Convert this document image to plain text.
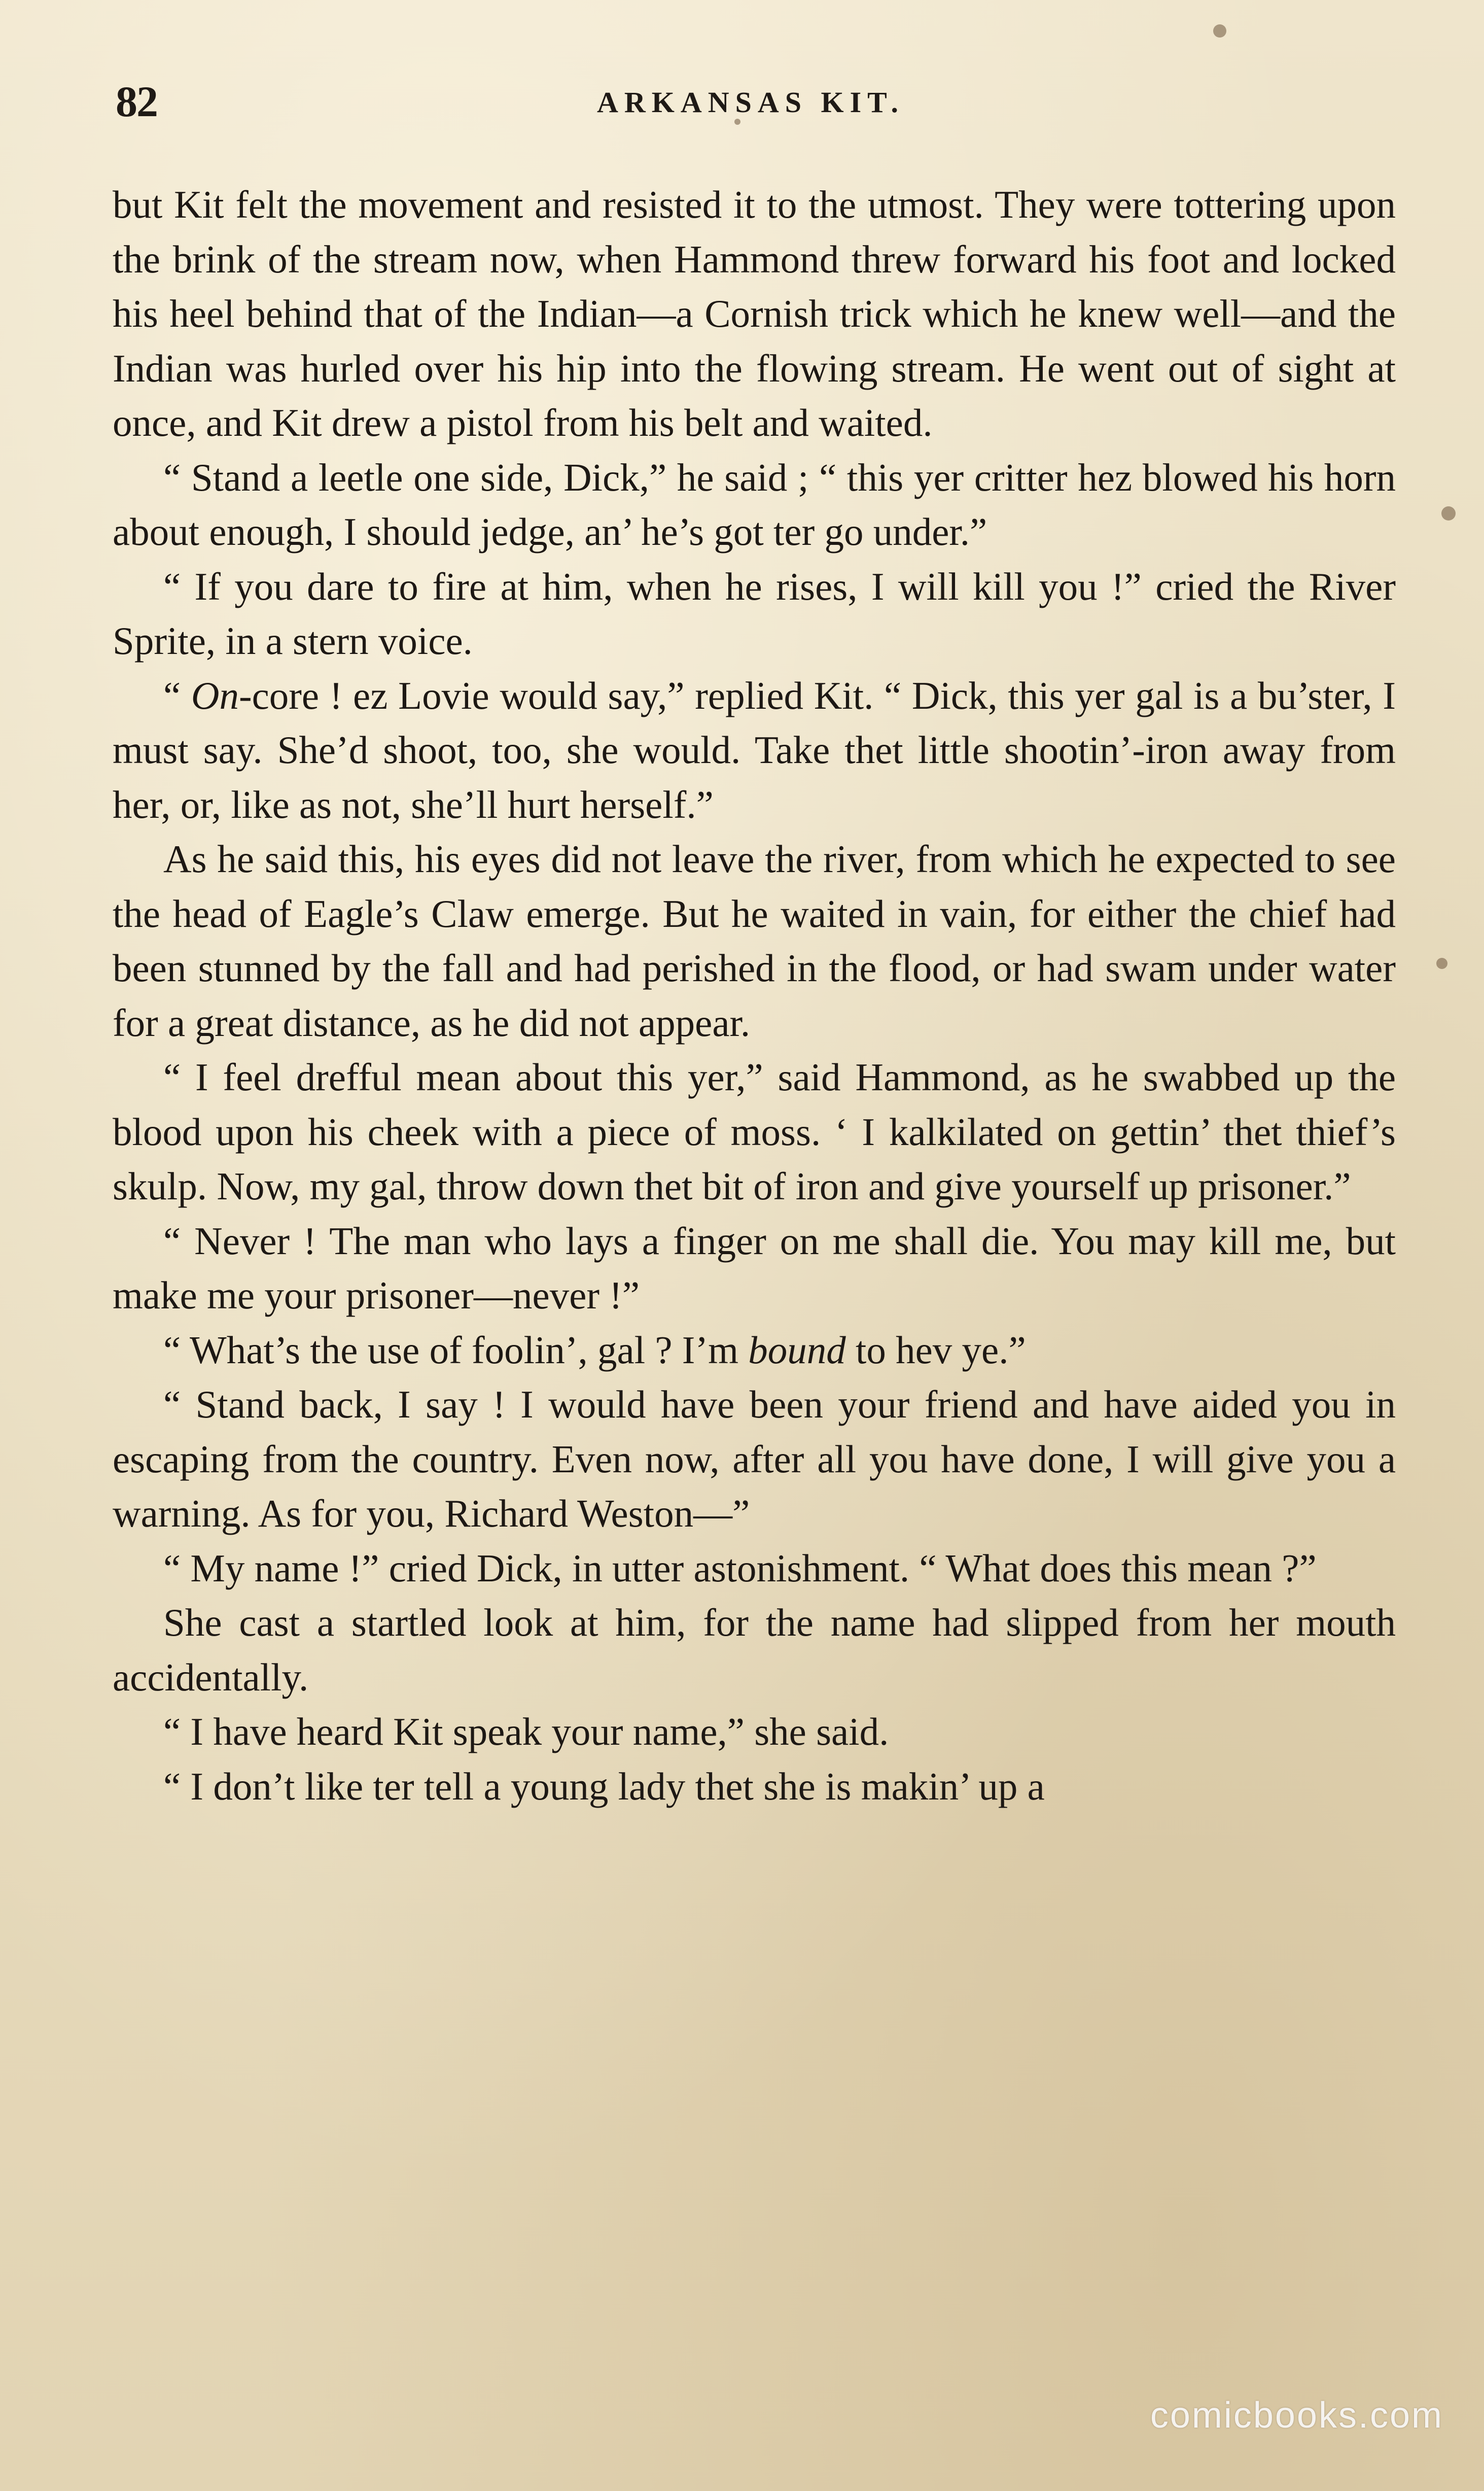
82	ARKANSAS KIT.

but Kit felt the movement and resisted it to the utmost. They were tottering upon the brink of the stream now, when Hammond threw forward his foot and locked his heel behind that of the Indian—a Cornish trick which he knew well—and the Indian was hurled over his hip into the flowing stream. He went out of sight at once, and Kit drew a pistol from his belt and waited.

“ Stand a leetle one side, Dick,” he said ; “ this yer critter hez blowed his horn about enough, I should jedge, an’ he’s got ter go under.”

“ If you dare to fire at him, when he rises, I will kill you !” cried the River Sprite, in a stern voice.

“ On-core ! ez Lovie would say,” replied Kit. “ Dick, this yer gal is a bu’ster, I must say. She’d shoot, too, she would. Take thet little shootin’-iron away from her, or, like as not, she’ll hurt herself.”

As he said this, his eyes did not leave the river, from which he expected to see the head of Eagle’s Claw emerge. But he waited in vain, for either the chief had been stunned by the fall and had perished in the flood, or had swam under water for a great distance, as he did not appear.

“ I feel drefful mean about this yer,” said Hammond, as he swabbed up the blood upon his cheek with a piece of moss. ‘ I kalkilated on gettin’ thet thief’s skulp. Now, my gal, throw down thet bit of iron and give yourself up prisoner.”

“ Never ! The man who lays a finger on me shall die. You may kill me, but make me your prisoner—never !”

“ What’s the use of foolin’, gal ? I’m bound to hev ye.”

“ Stand back, I say ! I would have been your friend and have aided you in escaping from the country. Even now, after all you have done, I will give you a warning. As for you, Richard Weston—”

“ My name !” cried Dick, in utter astonishment. “ What does this mean ?”

She cast a startled look at him, for the name had slipped from her mouth accidentally.

“ I have heard Kit speak your name,” she said.

“ I don’t like ter tell a young lady thet she is makin’ up a

comicbooks.com
